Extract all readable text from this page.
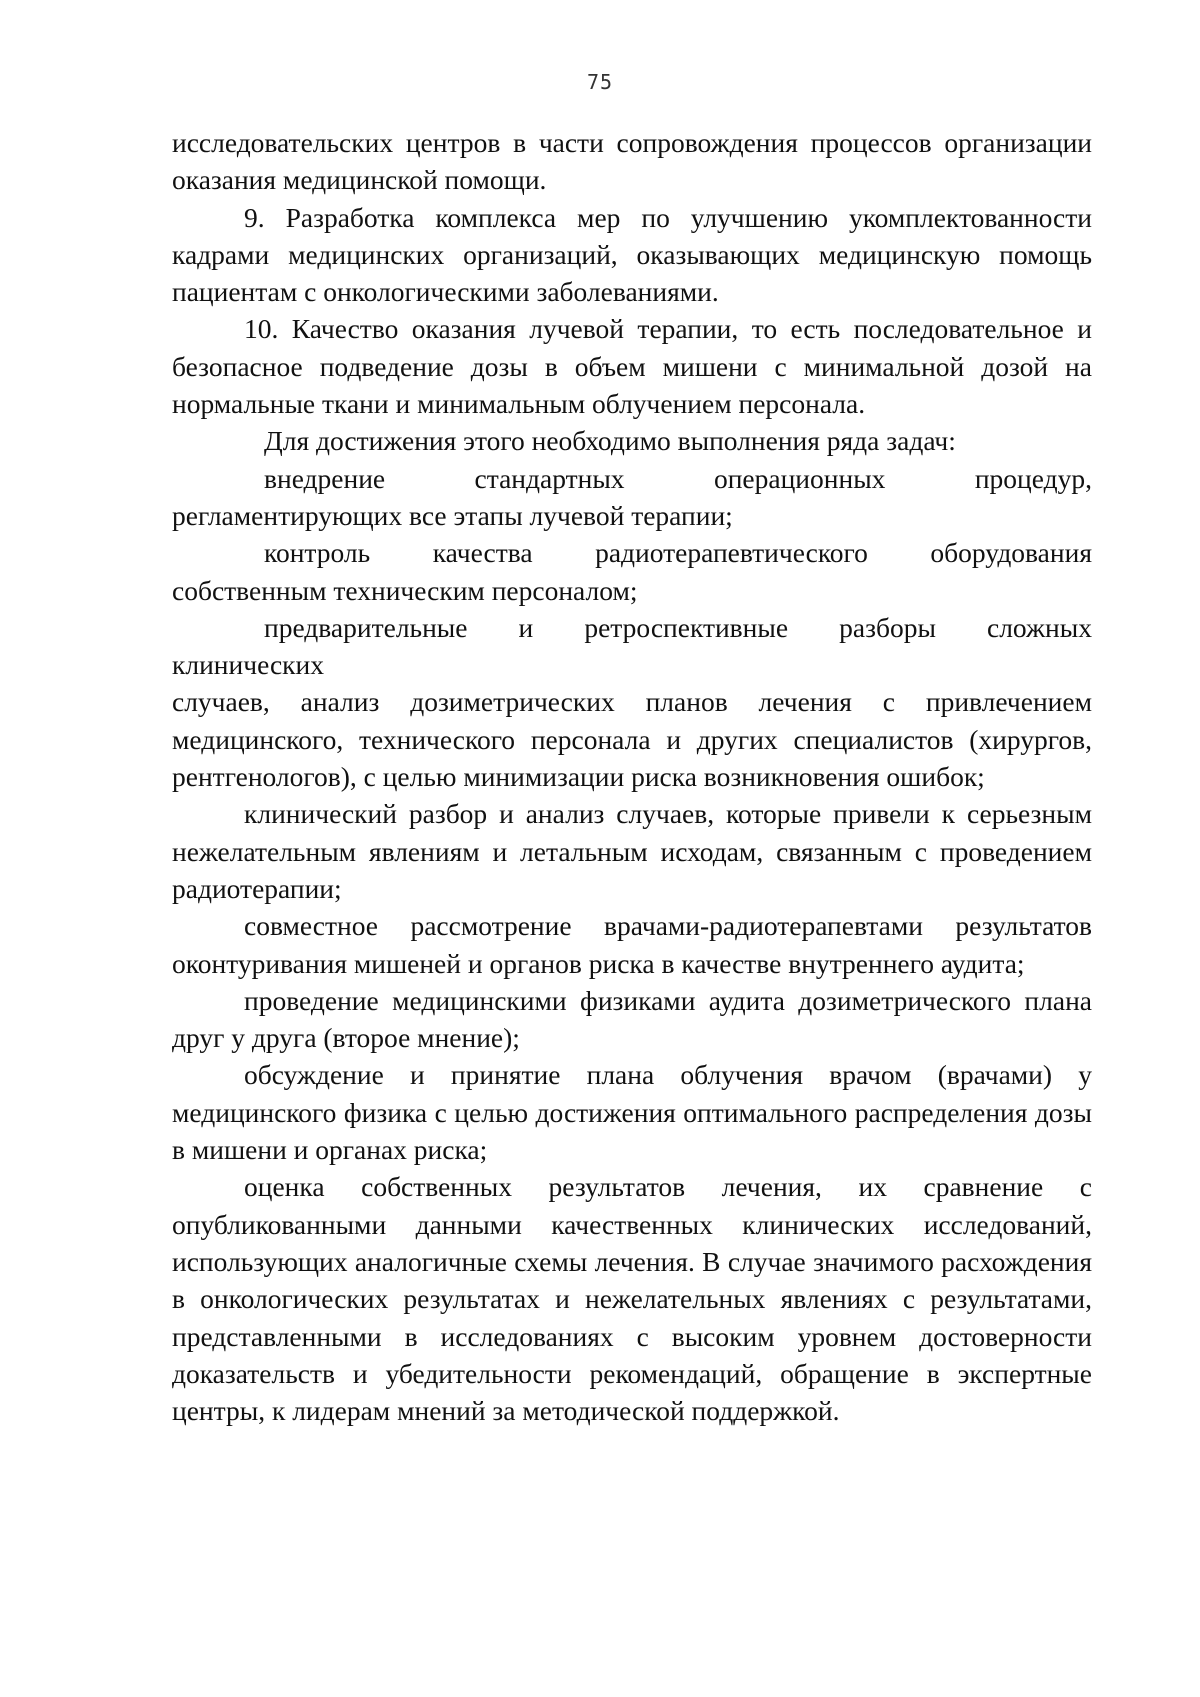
75

исследовательских центров в части сопровождения процессов организации оказания медицинской помощи.

9. Разработка комплекса мер по улучшению укомплектованности кадрами медицинских организаций, оказывающих медицинскую помощь пациентам с онкологическими заболеваниями.

10. Качество оказания лучевой терапии, то есть последовательное и безопасное подведение дозы в объем мишени с минимальной дозой на нормальные ткани и минимальным облучением персонала.

Для достижения этого необходимо выполнения ряда задач:

внедрение	стандартных	операционных	процедур,

регламентирующих все этапы лучевой терапии;

контроль качества радиотерапевтического оборудования

собственным техническим персоналом;

предварительные и ретроспективные разборы сложных

клинических

случаев, анализ дозиметрических планов лечения с привлечением медицинского, технического персонала и других специалистов (хирургов, рентгенологов), с целью минимизации риска возникновения ошибок;

клинический разбор и анализ случаев, которые привели к серьезным нежелательным явлениям и летальным исходам, связанным с проведением радиотерапии;

совместное рассмотрение врачами-радиотерапевтами результатов оконтуривания мишеней и органов риска в качестве внутреннего аудита;

проведение медицинскими физиками аудита дозиметрического плана друг у друга (второе мнение);

обсуждение и принятие плана облучения врачом (врачами) у медицинского физика с целью достижения оптимального распределения дозы в мишени и органах риска;

оценка собственных результатов лечения, их сравнение с опубликованными данными качественных клинических исследований, использующих аналогичные схемы лечения. В случае значимого расхождения в онкологических результатах и нежелательных явлениях с результатами, представленными в исследованиях с высоким уровнем достоверности доказательств и убедительности рекомендаций, обращение в экспертные центры, к лидерам мнений за методической поддержкой.
